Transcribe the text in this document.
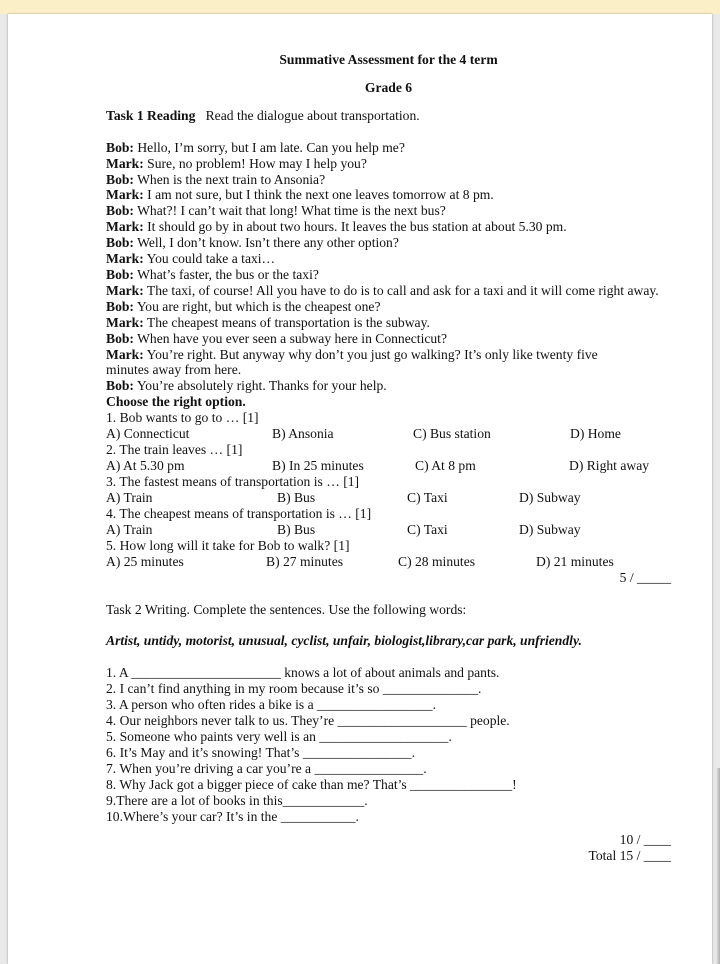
Summative Assessment for the 4 term

Grade 6

Task 1 Reading Read the dialogue about transportation.
Bob: Hello, I’m sorry, but I am late. Can you help me?
Mark: Sure, no problem! How may I help you?
Bob: When is the next train to Ansonia?
Mark: I am not sure, but I think the next one leaves tomorrow at 8 pm.
Bob: What?! I can’t wait that long! What time is the next bus?
Mark: It should go by in about two hours. It leaves the bus station at about 5.30 pm.
Bob: Well, I don’t know. Isn’t there any other option?
Mark: You could take a taxi…
Bob: What’s faster, the bus or the taxi?
Mark: The taxi, of course! All you have to do is to call and ask for a taxi and it will come right away.
Bob: You are right, but which is the cheapest one?
Mark: The cheapest means of transportation is the subway.
Bob: When have you ever seen a subway here in Connecticut?
Mark: You’re right. But anyway why don’t you just go walking? It’s only like twenty five minutes away from here.
Bob: You’re absolutely right. Thanks for your help.
Choose the right option.
1. Bob wants to go to … [1]
A) Connecticut	B) Ansonia	C) Bus station	D) Home
2. The train leaves … [1]
A) At 5.30 pm	B) In 25 minutes	C) At 8 pm	D) Right away
3. The fastest means of transportation is … [1]
A) Train	B) Bus	C) Taxi	D) Subway
4. The cheapest means of transportation is … [1]
A) Train	B) Bus	C) Taxi	D) Subway
5. How long will it take for Bob to walk? [1]
A) 25 minutes	B) 27 minutes	C) 28 minutes	D) 21 minutes
5 / _____
Task 2 Writing. Complete the sentences. Use the following words:
Artist, untidy, motorist, unusual, cyclist, unfair, biologist,library,car park, unfriendly.
1. A ______________________ knows a lot of about animals and pants.
2. I can’t find anything in my room because it’s so ______________.
3. A person who often rides a bike is a _________________.
4. Our neighbors never talk to us. They’re ___________________ people.
5. Someone who paints very well is an ___________________.
6. It’s May and it’s snowing! That’s ________________.
7. When you’re driving a car you’re a ________________.
8. Why Jack got a bigger piece of cake than me? That’s _______________!
9.There are a lot of books in this____________.
10.Where’s your car? It’s in the ___________.
10 / ____
Total 15 / ____
